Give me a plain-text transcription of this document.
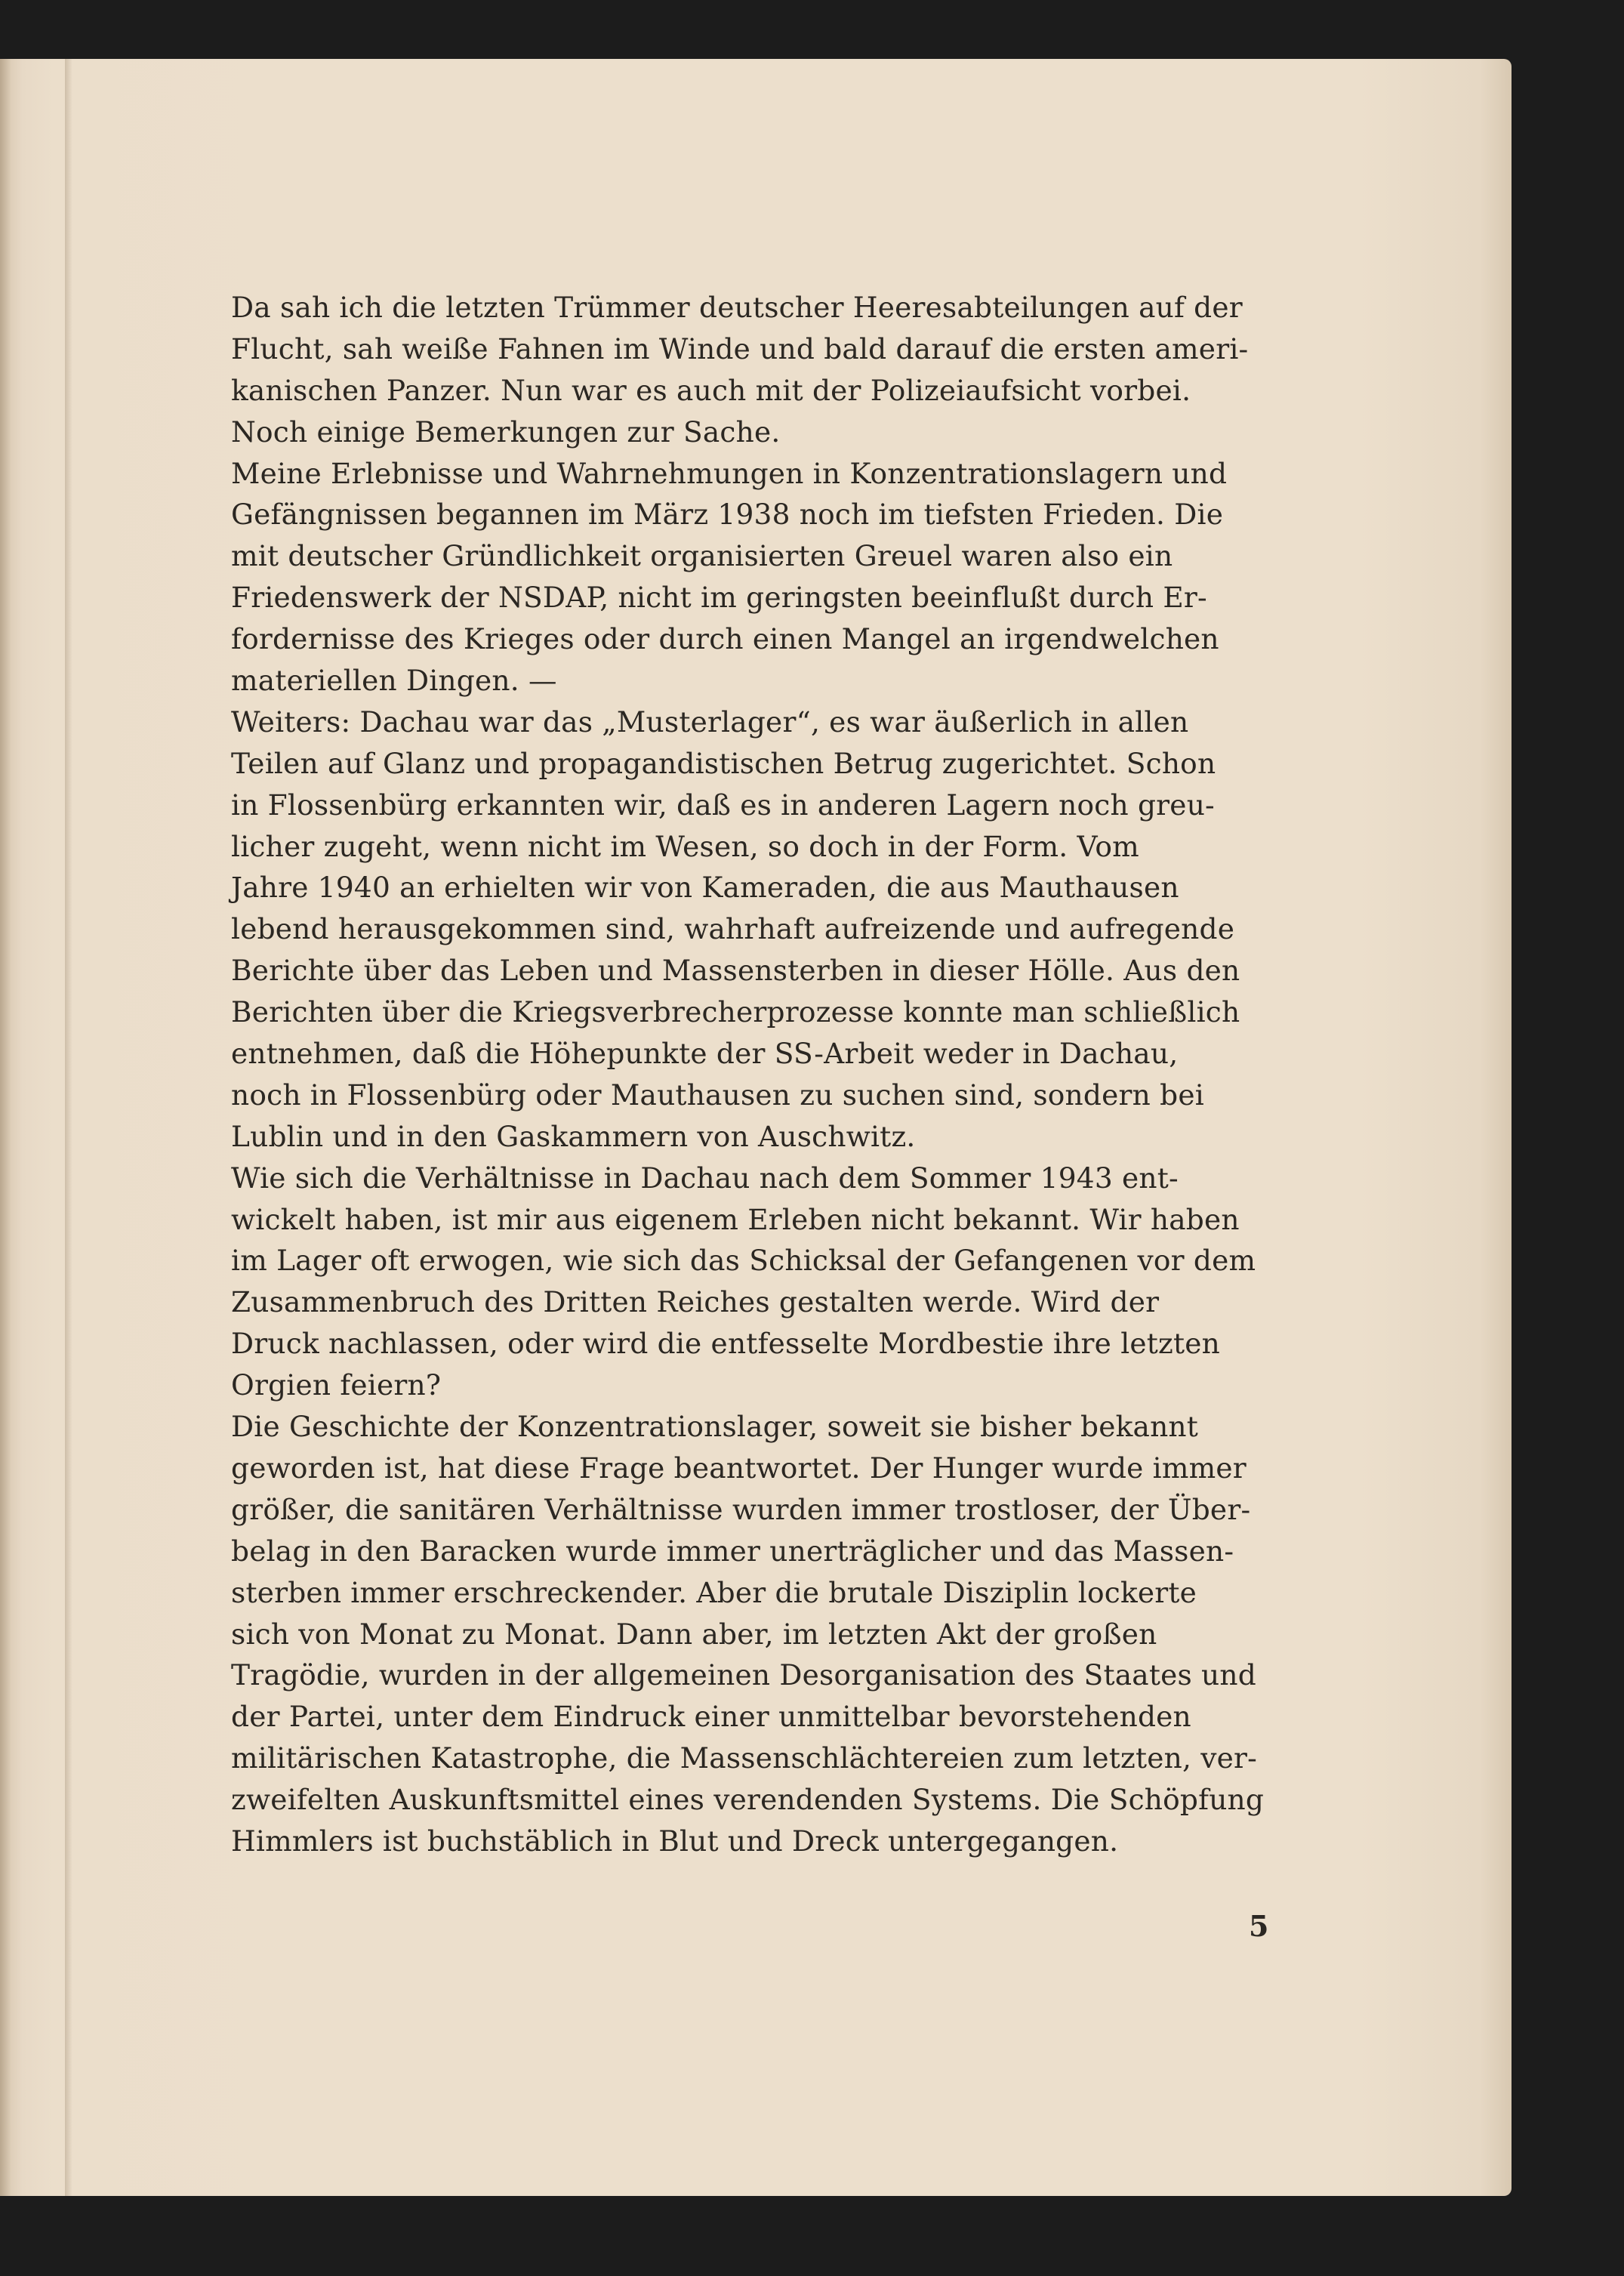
Da sah ich die letzten Trümmer deutscher Heeresabteilungen auf der
Flucht, sah weiße Fahnen im Winde und bald darauf die ersten ameri-
kanischen Panzer. Nun war es auch mit der Polizeiaufsicht vorbei.
Noch einige Bemerkungen zur Sache.
Meine Erlebnisse und Wahrnehmungen in Konzentrationslagern und
Gefängnissen begannen im März 1938 noch im tiefsten Frieden. Die
mit deutscher Gründlichkeit organisierten Greuel waren also ein
Friedenswerk der NSDAP, nicht im geringsten beeinflußt durch Er-
fordernisse des Krieges oder durch einen Mangel an irgendwelchen
materiellen Dingen. —
Weiters: Dachau war das „Musterlager“, es war äußerlich in allen
Teilen auf Glanz und propagandistischen Betrug zugerichtet. Schon
in Flossenbürg erkannten wir, daß es in anderen Lagern noch greu-
licher zugeht, wenn nicht im Wesen, so doch in der Form. Vom
Jahre 1940 an erhielten wir von Kameraden, die aus Mauthausen
lebend herausgekommen sind, wahrhaft aufreizende und aufregende
Berichte über das Leben und Massensterben in dieser Hölle. Aus den
Berichten über die Kriegsverbrecherprozesse konnte man schließlich
entnehmen, daß die Höhepunkte der SS-Arbeit weder in Dachau,
noch in Flossenbürg oder Mauthausen zu suchen sind, sondern bei
Lublin und in den Gaskammern von Auschwitz.
Wie sich die Verhältnisse in Dachau nach dem Sommer 1943 ent-
wickelt haben, ist mir aus eigenem Erleben nicht bekannt. Wir haben
im Lager oft erwogen, wie sich das Schicksal der Gefangenen vor dem
Zusammenbruch des Dritten Reiches gestalten werde. Wird der
Druck nachlassen, oder wird die entfesselte Mordbestie ihre letzten
Orgien feiern?
Die Geschichte der Konzentrationslager, soweit sie bisher bekannt
geworden ist, hat diese Frage beantwortet. Der Hunger wurde immer
größer, die sanitären Verhältnisse wurden immer trostloser, der Über-
belag in den Baracken wurde immer unerträglicher und das Massen-
sterben immer erschreckender. Aber die brutale Disziplin lockerte
sich von Monat zu Monat. Dann aber, im letzten Akt der großen
Tragödie, wurden in der allgemeinen Desorganisation des Staates und
der Partei, unter dem Eindruck einer unmittelbar bevorstehenden
militärischen Katastrophe, die Massenschlächtereien zum letzten, ver-
zweifelten Auskunftsmittel eines verendenden Systems. Die Schöpfung
Himmlers ist buchstäblich in Blut und Dreck untergegangen.
5
